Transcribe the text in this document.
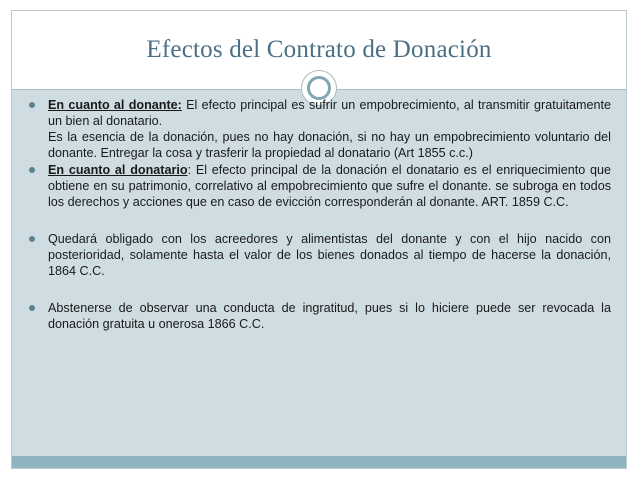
Efectos del Contrato de Donación
En cuanto al donante: El efecto principal es sufrir un empobrecimiento, al transmitir gratuitamente un bien al donatario.
Es la esencia de la donación, pues no hay donación, si no hay un empobrecimiento voluntario del donante. Entregar la cosa y trasferir la propiedad al donatario (Art 1855 c.c.)
En cuanto al donatario: El efecto principal de la donación el donatario es el enriquecimiento que obtiene en su patrimonio, correlativo al empobrecimiento que sufre el donante. se subroga en todos los derechos y acciones que en caso de evicción corresponderán al donante. ART. 1859 C.C.
Quedará obligado con los acreedores y alimentistas del donante y con el hijo nacido con posterioridad, solamente hasta el valor de los bienes donados al tiempo de hacerse la donación, 1864 C.C.
Abstenerse de observar una conducta de ingratitud, pues si lo hiciere puede ser revocada la donación gratuita u onerosa 1866 C.C.
